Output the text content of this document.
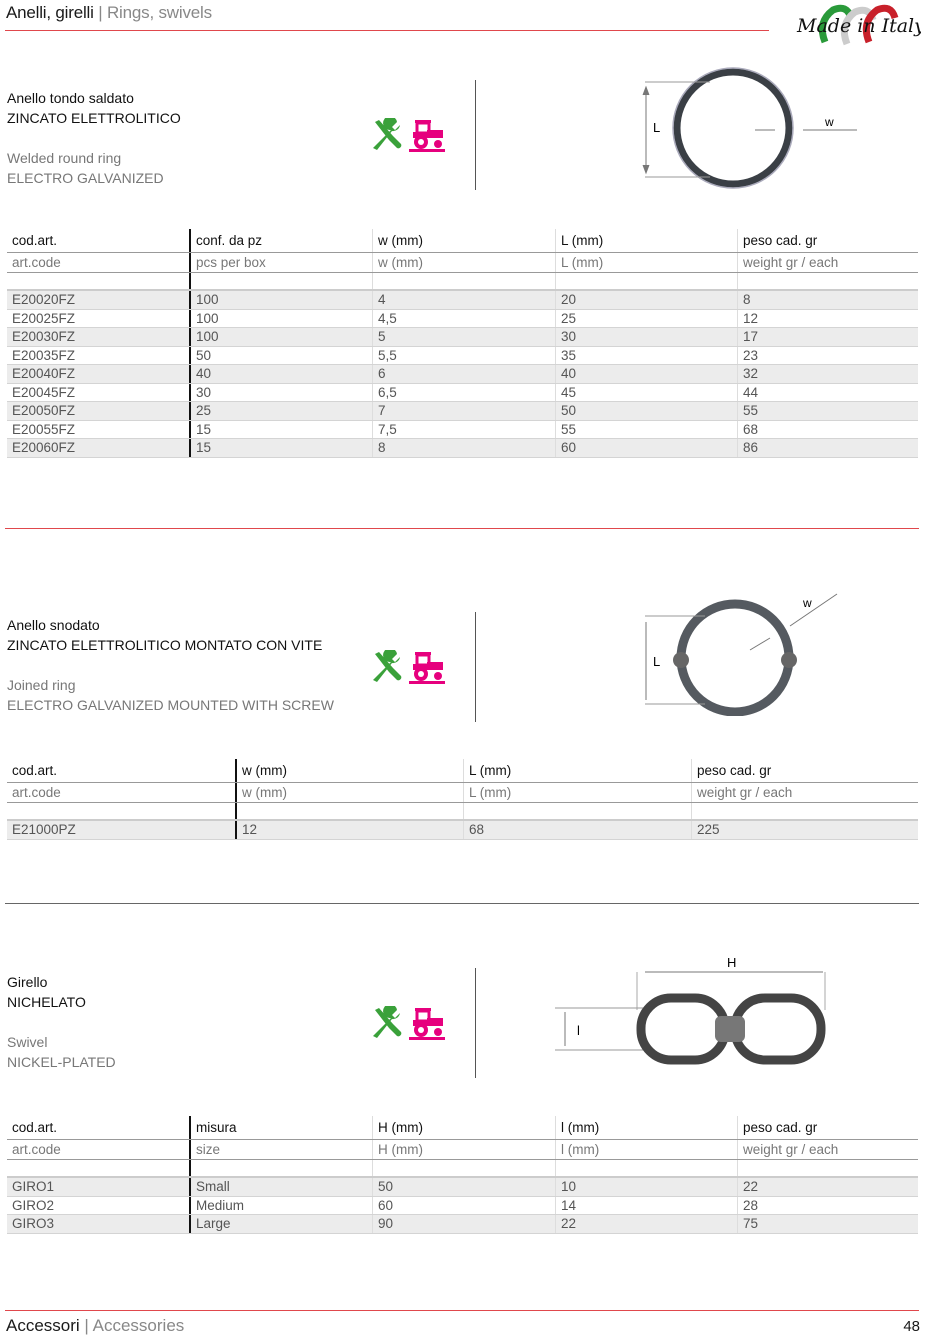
Anelli, girelli | Rings, swivels
Made in Italy
Anello tondo saldato
ZINCATO ELETTROLITICO
Welded round ring
ELECTRO GALVANIZED
L	w
cod.art.	conf. da pz	w (mm)	L (mm)	peso cad. gr
art.code	pcs per box	w (mm)	L (mm)	weight gr / each
E20020FZ	100	4	20	8
E20025FZ	100	4,5	25	12
E20030FZ	100	5	30	17
E20035FZ	50	5,5	35	23
E20040FZ	40	6	40	32
E20045FZ	30	6,5	45	44
E20050FZ	25	7	50	55
E20055FZ	15	7,5	55	68
E20060FZ	15	8	60	86
Anello snodato
ZINCATO ELETTROLITICO MONTATO CON VITE
Joined ring
ELECTRO GALVANIZED MOUNTED WITH SCREW
L
w
cod.art.	w (mm)	L (mm)	peso cad. gr
art.code	w (mm)	L (mm)	weight gr / each
E21000PZ	12	68	225
Girello
NICHELATO
Swivel
NICKEL-PLATED
H
l
cod.art.	misura	H (mm)	l (mm)	peso cad. gr
art.code	size	H (mm)	l (mm)	weight gr / each
GIRO1	Small	50	10	22
GIRO2	Medium	60	14	28
GIRO3	Large	90	22	75
Accessori | Accessories	48
